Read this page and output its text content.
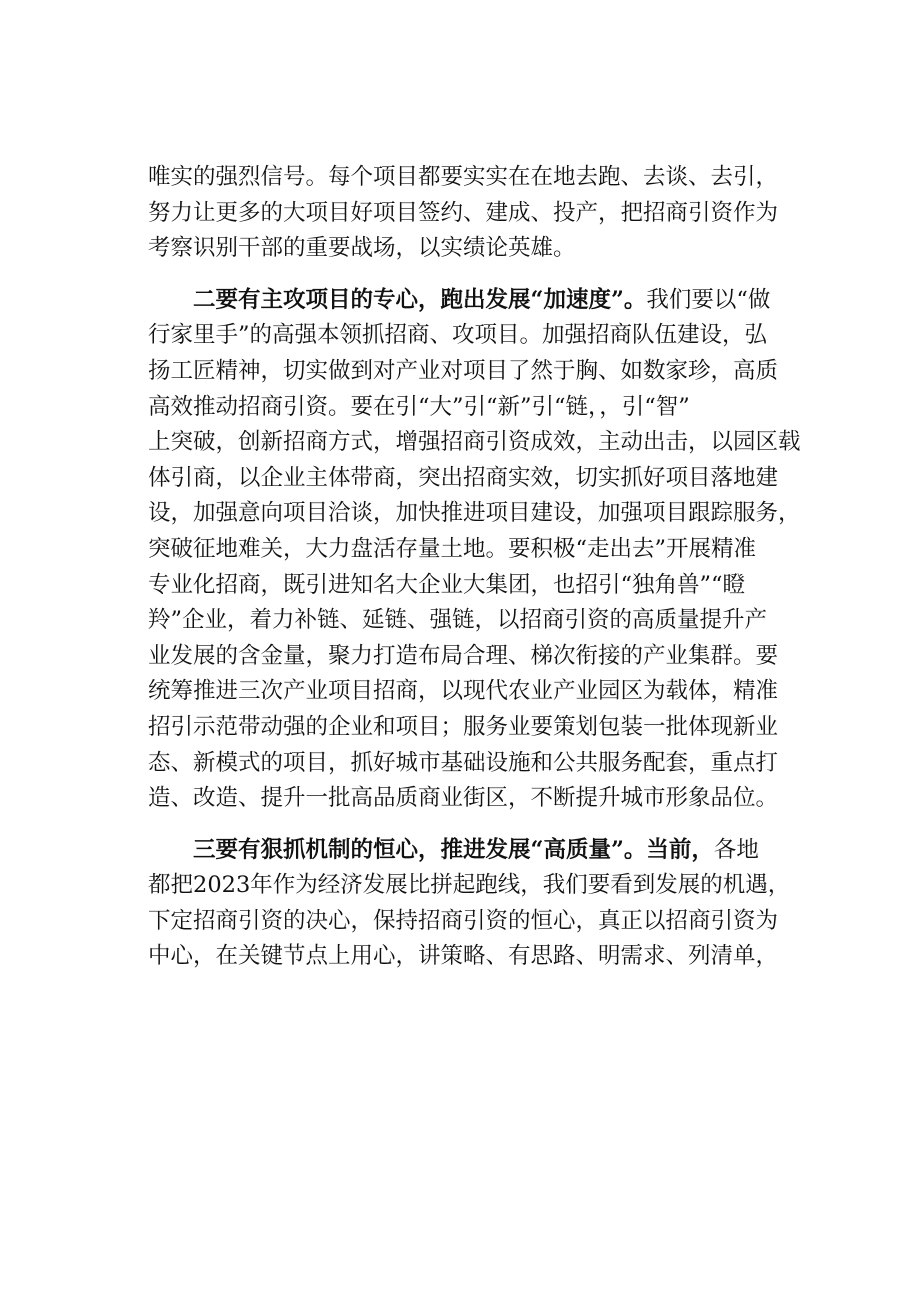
唯实的强烈信号。每个项目都要实实在在地去跑、去谈、去引，
努力让更多的大项目好项目签约、建成、投产，把招商引资作为
考察识别干部的重要战场，以实绩论英雄。
二要有主攻项目的专心，跑出发展“加速度”。我们要以“做
行家里手”的高强本领抓招商、攻项目。加强招商队伍建设，弘
扬工匠精神，切实做到对产业对项目了然于胸、如数家珍，高质
高效推动招商引资。要在引“大”引“新”引“链，，引“智”
上突破，创新招商方式，增强招商引资成效，主动出击，以园区载
体引商，以企业主体带商，突出招商实效，切实抓好项目落地建
设，加强意向项目洽谈，加快推进项目建设，加强项目跟踪服务，
突破征地难关，大力盘活存量土地。要积极“走出去”开展精准
专业化招商，既引进知名大企业大集团，也招引“独角兽”“瞪
羚”企业，着力补链、延链、强链，以招商引资的高质量提升产
业发展的含金量，聚力打造布局合理、梯次衔接的产业集群。要
统筹推进三次产业项目招商，以现代农业产业园区为载体，精准
招引示范带动强的企业和项目；服务业要策划包装一批体现新业
态、新模式的项目，抓好城市基础设施和公共服务配套，重点打
造、改造、提升一批高品质商业街区，不断提升城市形象品位。
三要有狠抓机制的恒心，推进发展“高质量”。当前，各地
都把2023年作为经济发展比拼起跑线，我们要看到发展的机遇，
下定招商引资的决心，保持招商引资的恒心，真正以招商引资为
中心，在关键节点上用心，讲策略、有思路、明需求、列清单，
